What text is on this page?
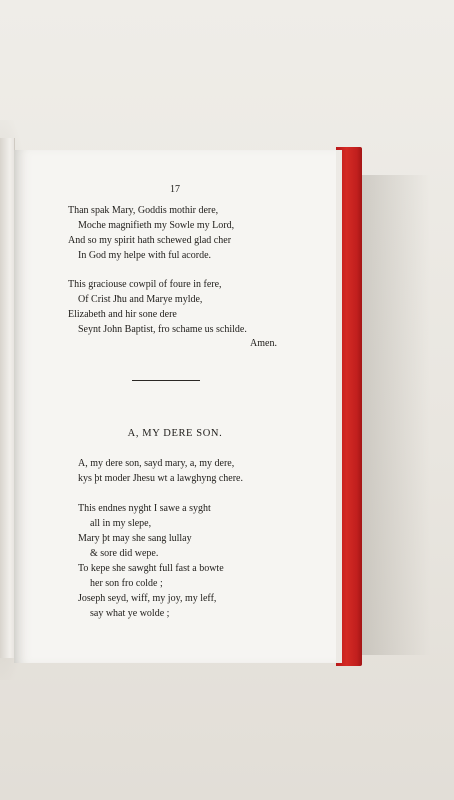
17
Than spak Mary, Goddis mothir dere,
Moche magnifieth my Sowle my Lord,
And so my spirit hath schewed glad cher
In God my helpe with ful acorde.
This graciouse cowpil of foure in fere,
Of Crist Jħu and Marye mylde,
Elizabeth and hir sone dere
Seynt John Baptist, fro schame us schilde.
Amen.
A, MY DERE SON.
A, my dere son, sayd mary, a, my dere,
kys þt moder Jhesu wt a lawghyng chere.
This endnes nyght I sawe a syght
all in my slepe,
Mary þt may she sang lullay
& sore did wepe.
To kepe she sawght full fast a bowte
her son fro colde ;
Joseph seyd, wiff, my joy, my leff,
say what ye wolde ;
